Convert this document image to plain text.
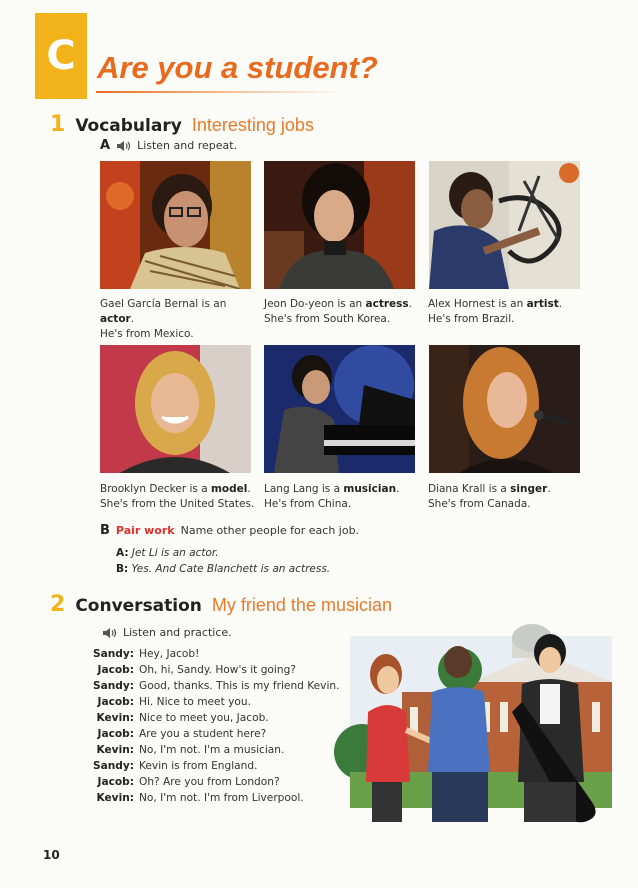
C Are you a student?
1 Vocabulary Interesting jobs
A Listen and repeat.
Gael García Bernal is an actor.
He's from Mexico.
Jeon Do-yeon is an actress.
She's from South Korea.
Alex Hornest is an artist.
He's from Brazil.
Brooklyn Decker is a model.
She's from the United States.
Lang Lang is a musician.
He's from China.
Diana Krall is a singer.
She's from Canada.
B Pair work Name other people for each job.
A: Jet Li is an actor.
B: Yes. And Cate Blanchett is an actress.
2 Conversation My friend the musician
Listen and practice.
Sandy: Hey, Jacob!
Jacob: Oh, hi, Sandy. How's it going?
Sandy: Good, thanks. This is my friend Kevin.
Jacob: Hi. Nice to meet you.
Kevin: Nice to meet you, Jacob.
Jacob: Are you a student here?
Kevin: No, I'm not. I'm a musician.
Sandy: Kevin is from England.
Jacob: Oh? Are you from London?
Kevin: No, I'm not. I'm from Liverpool.
10
